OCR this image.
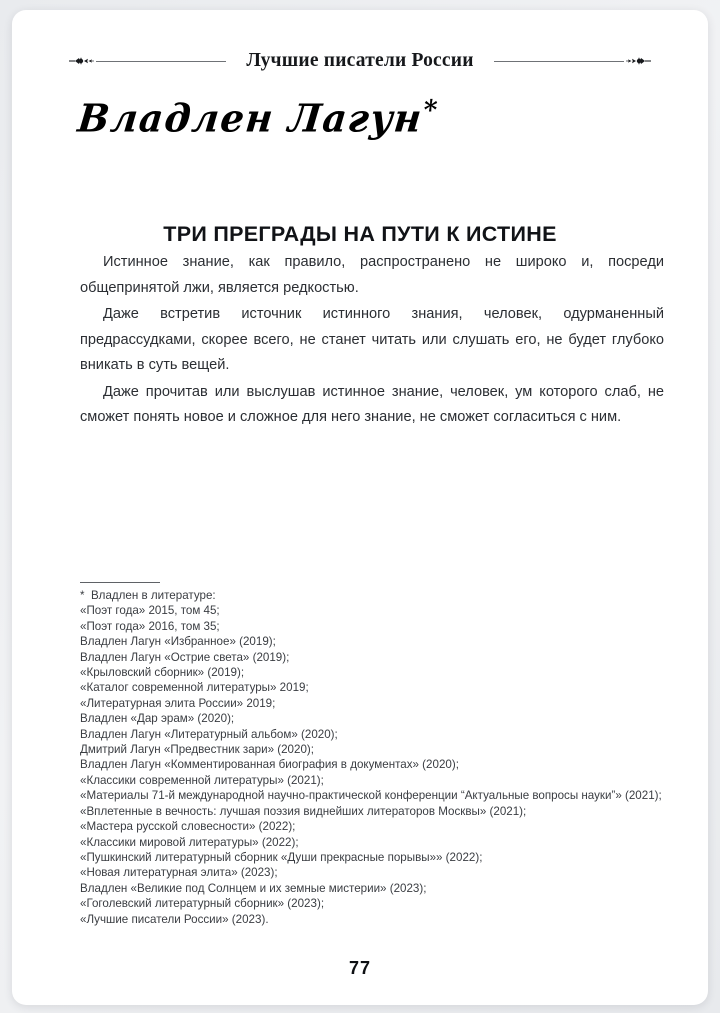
Лучшие писатели России
Владлен Лагун*
ТРИ ПРЕГРАДЫ НА ПУТИ К ИСТИНЕ

Истинное знание, как правило, распространено не широко и, посреди общепринятой лжи, является редкостью.

Даже встретив источник истинного знания, человек, одурманенный предрассудками, скорее всего, не станет читать или слушать его, не будет глубоко вникать в суть вещей.

Даже прочитав или выслушав истинное знание, человек, ум которого слаб, не сможет понять новое и сложное для него знание, не сможет согласиться с ним.

*  Владлен в литературе:
«Поэт года» 2015, том 45;
«Поэт года» 2016, том 35;
Владлен Лагун «Избранное» (2019);
Владлен Лагун «Острие света» (2019);
«Крыловский сборник» (2019);
«Каталог современной литературы» 2019;
«Литературная элита России» 2019;
Владлен «Дар эрам» (2020);
Владлен Лагун «Литературный альбом» (2020);
Дмитрий Лагун «Предвестник зари» (2020);
Владлен Лагун «Комментированная биография в документах» (2020);
«Классики современной литературы» (2021);
«Материалы 71-й международной научно-практической конференции “Актуальные вопросы науки”» (2021);
«Вплетенные в вечность: лучшая поэзия виднейших литераторов Москвы» (2021);
«Мастера русской словесности» (2022);
«Классики мировой литературы» (2022);
«Пушкинский литературный сборник «Души прекрасные порывы»» (2022);
«Новая литературная элита» (2023);
Владлен «Великие под Солнцем и их земные мистерии» (2023);
«Гоголевский литературный сборник» (2023);
«Лучшие писатели России» (2023).
77
